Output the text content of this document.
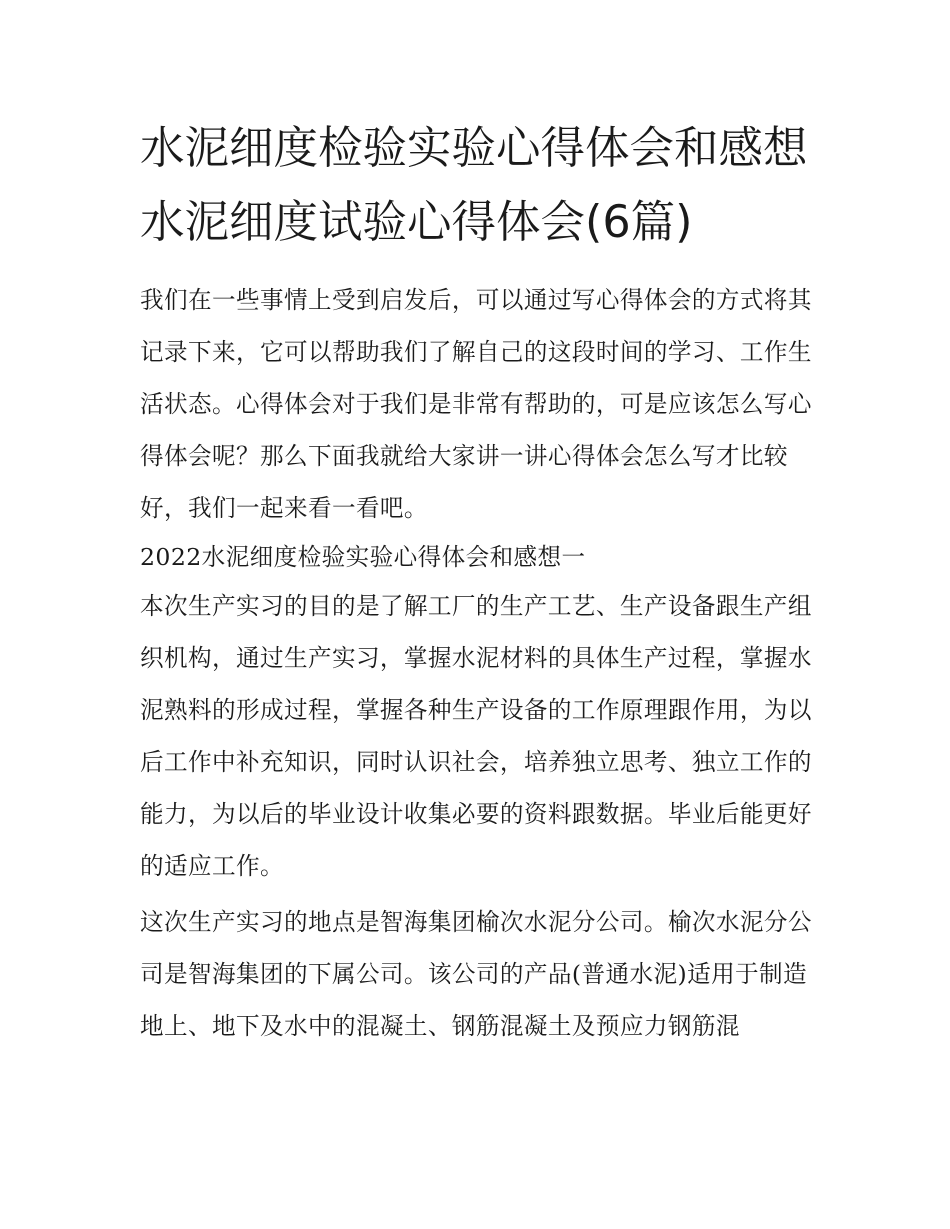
水泥细度检验实验心得体会和感想 水泥细度试验心得体会(6篇)

我们在一些事情上受到启发后，可以通过写心得体会的方式将其记录下来，它可以帮助我们了解自己的这段时间的学习、工作生活状态。心得体会对于我们是非常有帮助的，可是应该怎么写心得体会呢？那么下面我就给大家讲一讲心得体会怎么写才比较好，我们一起来看一看吧。

2022水泥细度检验实验心得体会和感想一

本次生产实习的目的是了解工厂的生产工艺、生产设备跟生产组织机构，通过生产实习，掌握水泥材料的具体生产过程，掌握水泥熟料的形成过程，掌握各种生产设备的工作原理跟作用，为以后工作中补充知识，同时认识社会，培养独立思考、独立工作的能力，为以后的毕业设计收集必要的资料跟数据。毕业后能更好的适应工作。

这次生产实习的地点是智海集团榆次水泥分公司。榆次水泥分公司是智海集团的下属公司。该公司的产品(普通水泥)适用于制造地上、地下及水中的混凝土、钢筋混凝土及预应力钢筋混
